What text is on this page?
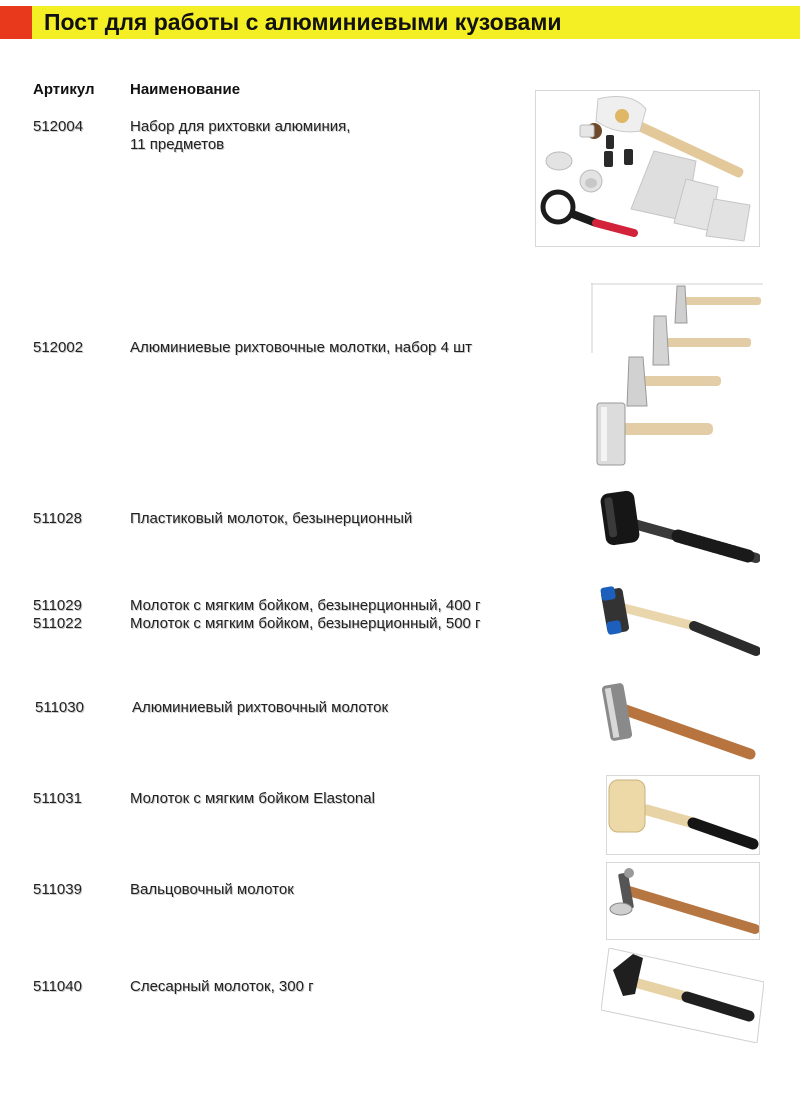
Пост для работы с алюминиевыми кузовами
Артикул Наименование
512004	Набор для рихтовки алюминия,
11 предметов
512002	Алюминиевые рихтовочные молотки, набор 4 шт
511028	Пластиковый молоток, безынерционный
511029	Молоток с мягким бойком, безынерционный, 400 г
511022	Молоток с мягким бойком, безынерционный, 500 г
511030	Алюминиевый рихтовочный молоток
511031	Молоток с мягким бойком Elastonal
511039	Вальцовочный молоток
511040	Слесарный молоток, 300 г
